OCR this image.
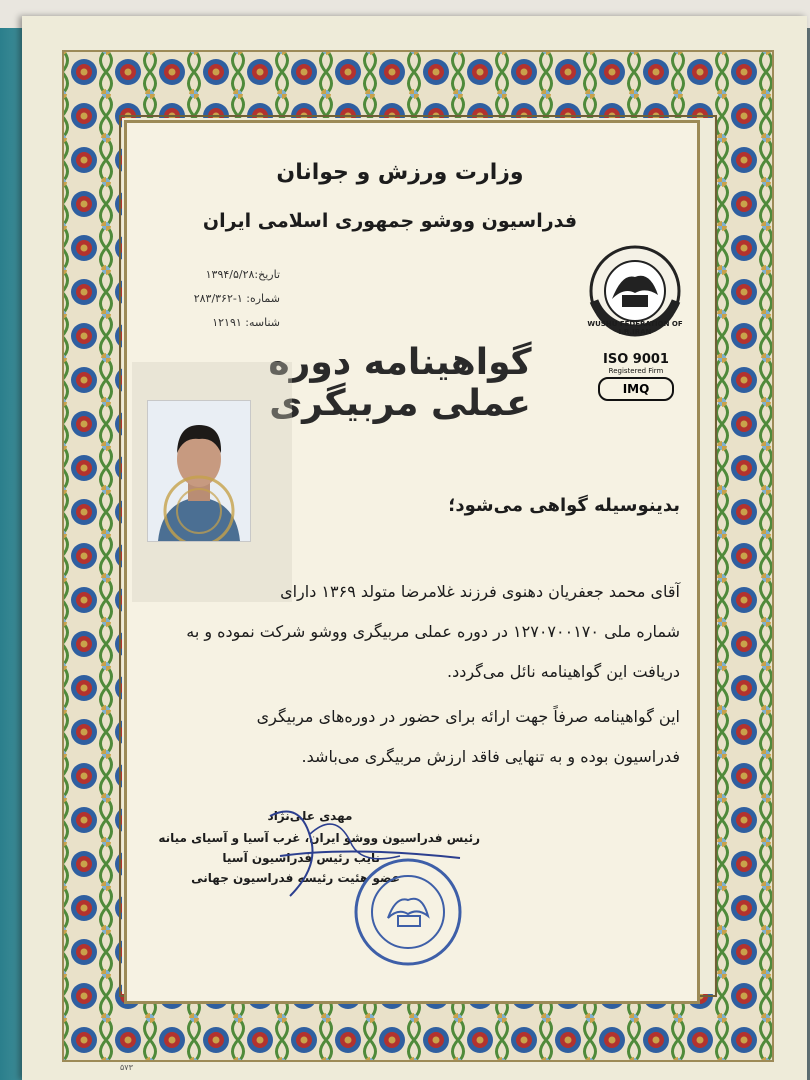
وزارت ورزش و جوانان
فدراسیون ووشو جمهوری اسلامی ایران
تاریخ:۱۳۹۴/۵/۲۸
شماره: ۱-۲۸۳/۳۶۲
شناسه: ۱۲۱۹۱	WUSHU FEDERATION OF I.R.IRAN
ISO 9001
Registered Firm
IMQ
گواهینامه دوره عملی مربیگری
بدینوسیله گواهی می‌شود؛
آقای محمد جعفریان دهنوی فرزند غلامرضا متولد ۱۳۶۹ دارای
شماره ملی ۱۲۷۰۷۰۰۱۷۰ در دوره عملی مربیگری ووشو شرکت نموده و به
دریافت این گواهینامه نائل می‌گردد.
این گواهینامه صرفاً جهت ارائه برای حضور در دوره‌های مربیگری
فدراسیون بوده و به تنهایی فاقد ارزش مربیگری می‌باشد.
مهدی علی‌نژاد
رئیس فدراسیون ووشو ایران، غرب آسیا و آسیای میانه
نایب رئیس فدراسیون آسیا
عضو هئیت رئیسه فدراسیون جهانی
۵۷۳
